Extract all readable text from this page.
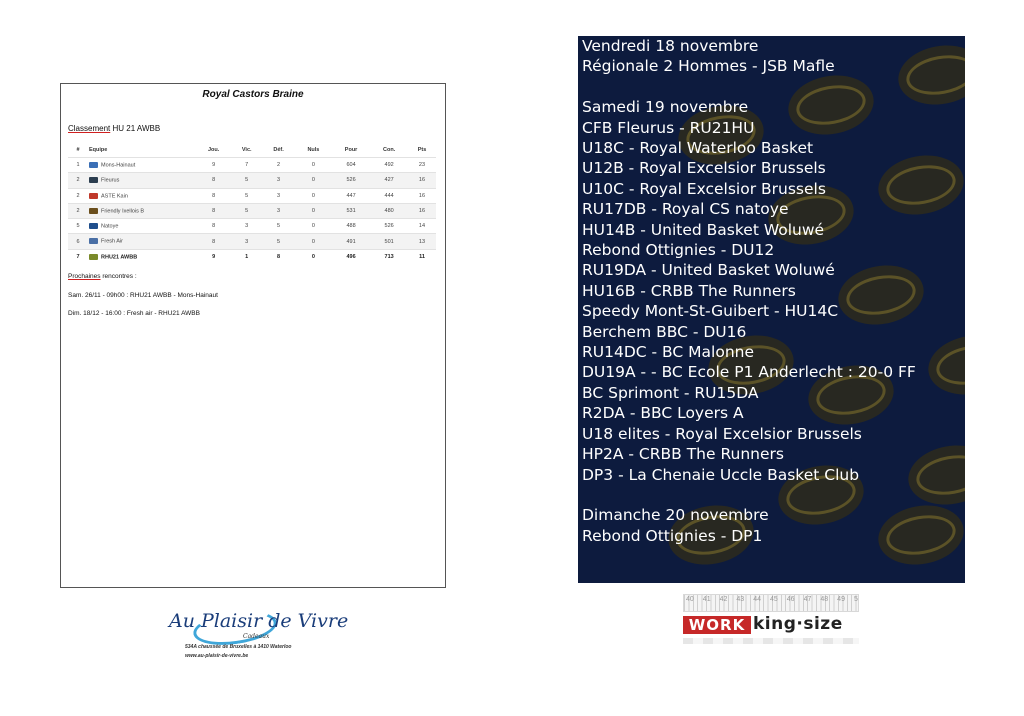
Royal Castors Braine
Classement HU 21 AWBB
#	Equipe	Jou.	Vic.	Déf.	Nuls	Pour	Con.	Pts
1	Mons-Hainaut	9	7	2	0	604	492	23
2	Fleurus	8	5	3	0	526	427	16
2	ASTE Kain	8	5	3	0	447	444	16
2	Friendly Ixellois B	8	5	3	0	531	480	16
5	Natoye	8	3	5	0	488	526	14
6	Fresh Air	8	3	5	0	491	501	13
7	RHU21 AWBB	9	1	8	0	496	713	11
Prochaines rencontres :
Sam. 26/11 - 09h00 : RHU21 AWBB - Mons-Hainaut
Dim. 18/12 - 16:00 : Fresh air - RHU21 AWBB
Au Plaisir de Vivre
Cadeaux
534A chaussée de Bruxelles à 1410 Waterloo
www.au-plaisir-de-vivre.be
Vendredi 18 novembre
Régionale 2 Hommes - JSB Mafle
Samedi 19 novembre
CFB Fleurus - RU21HU
U18C - Royal Waterloo Basket
U12B - Royal Excelsior Brussels
U10C - Royal Excelsior Brussels
RU17DB - Royal CS natoye
HU14B - United Basket Woluwé
Rebond Ottignies - DU12
RU19DA - United Basket Woluwé
HU16B - CRBB The Runners
Speedy Mont-St-Guibert - HU14C
Berchem BBC - DU16
RU14DC - BC Malonne
DU19A - - BC Ecole P1 Anderlecht : 20-0 FF
BC Sprimont - RU15DA
R2DA - BBC Loyers A
U18 elites - Royal Excelsior Brussels
HP2A - CRBB The Runners
DP3 - La Chenaie Uccle Basket Club
Dimanche 20 novembre
Rebond Ottignies - DP1
40 41 42 43 44 45 46 47 48 49 5
WORK king·size
